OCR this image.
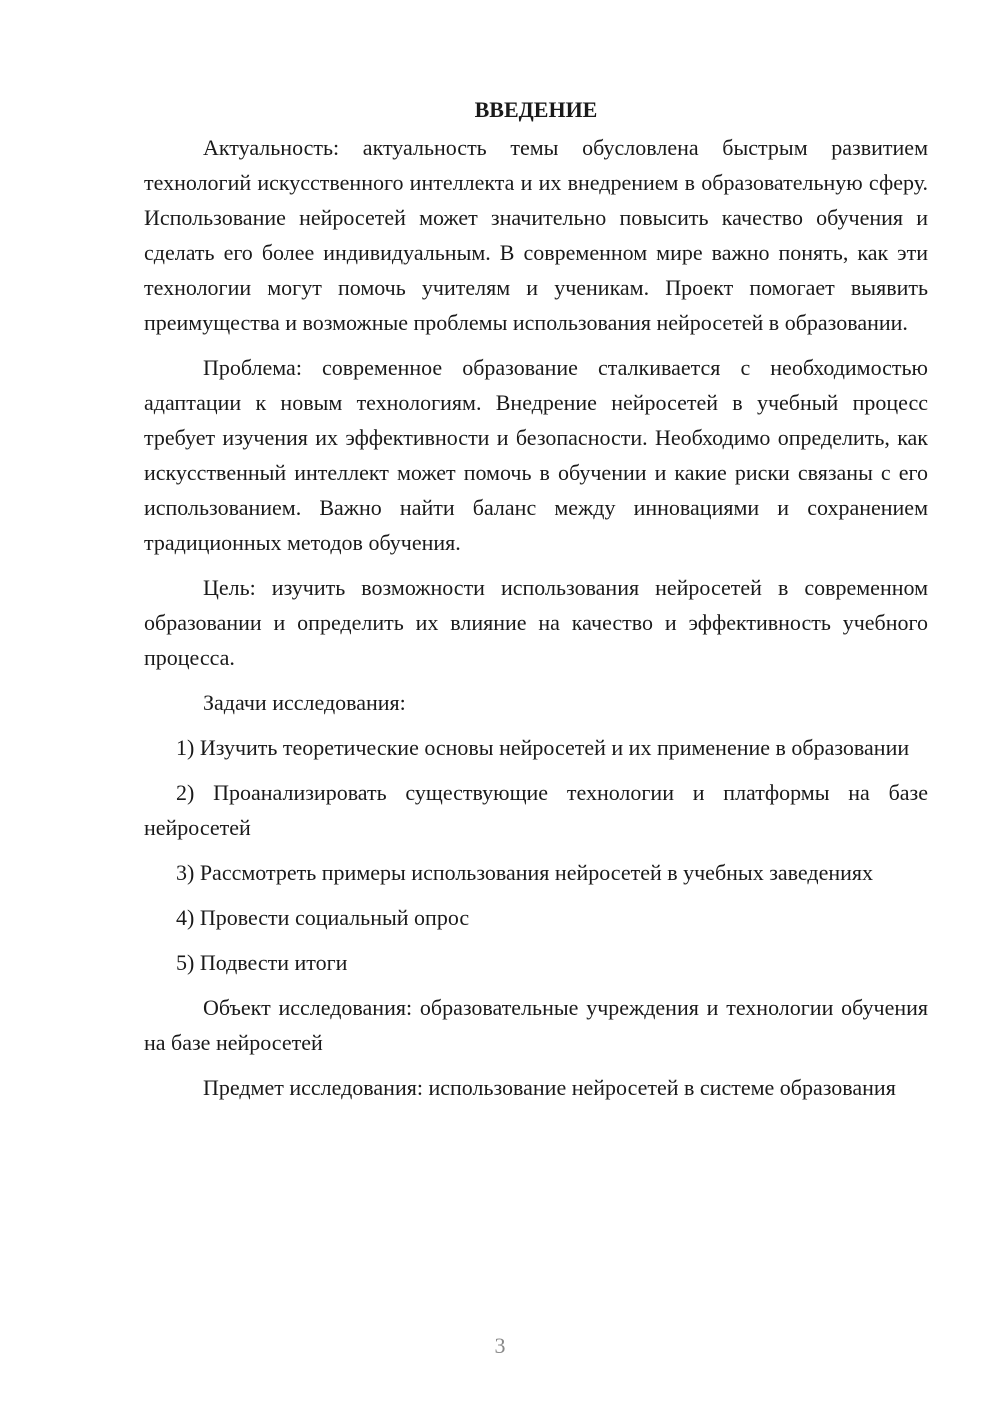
ВВЕДЕНИЕ

Актуальность: актуальность темы обусловлена быстрым развитием технологий искусственного интеллекта и их внедрением в образовательную сферу. Использование нейросетей может значительно повысить качество обучения и сделать его более индивидуальным. В современном мире важно понять, как эти технологии могут помочь учителям и ученикам. Проект помогает выявить преимущества и возможные проблемы использования нейросетей в образовании.

Проблема: современное образование сталкивается с необходимостью адаптации к новым технологиям. Внедрение нейросетей в учебный процесс требует изучения их эффективности и безопасности. Необходимо определить, как искусственный интеллект может помочь в обучении и какие риски связаны с его использованием. Важно найти баланс между инновациями и сохранением традиционных методов обучения.

Цель: изучить возможности использования нейросетей в современном образовании и определить их влияние на качество и эффективность учебного процесса.

Задачи исследования:

1) Изучить теоретические основы нейросетей и их применение в образовании

2) Проанализировать существующие технологии и платформы на базе нейросетей

3) Рассмотреть примеры использования нейросетей в учебных заведениях

4) Провести социальный опрос

5) Подвести итоги

Объект исследования: образовательные учреждения и технологии обучения на базе нейросетей

Предмет исследования: использование нейросетей в системе образования

3
